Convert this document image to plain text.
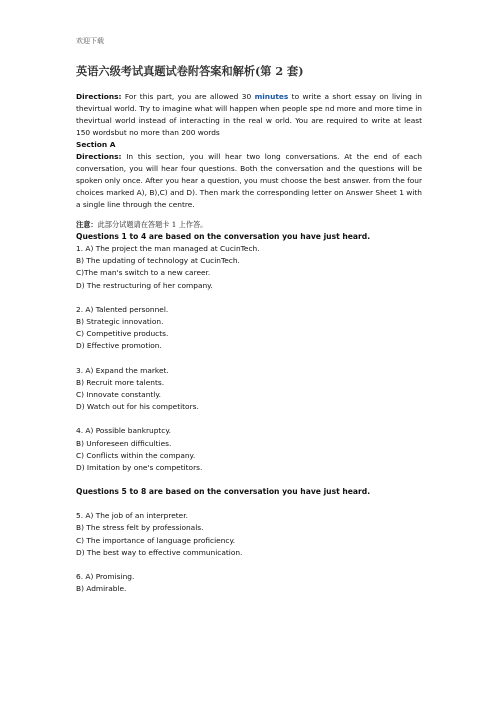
欢迎下载
英语六级考试真题试卷附答案和解析(第 2 套)

Directions: For this part, you are allowed 30 minutes to write a short essay on living in thevirtual world. Try to imagine what will happen when people spe nd more and more time in thevirtual world instead of interacting in the real w orld. You are required to write at least 150 wordsbut no more than 200 words

Section A

Directions: In this section, you will hear two long conversations. At the end of each conversation, you will hear four questions. Both the conversation and the questions will be spoken only once. After you hear a question, you must choose the best answer. from the four choices marked A), B),C) and D). Then mark the corresponding letter on Answer Sheet 1 with a single line through the centre.

注意：此部分试题请在答题卡 1 上作答。

Questions 1 to 4 are based on the conversation you have just heard.

1. A) The project the man managed at CucinTech.

B) The updating of technology at CucinTech.

C)The man's switch to a new career.

D) The restructuring of her company.

2. A) Talented personnel.

B) Strategic innovation.

C) Competitive products.

D) Effective promotion.

3. A) Expand the market.

B) Recruit more talents.

C) Innovate constantly.

D) Watch out for his competitors.

4. A) Possible bankruptcy.

B) Unforeseen difficulties.

C) Conflicts within the company.

D) Imitation by one's competitors.

Questions 5 to 8 are based on the conversation you have just heard.

5. A) The job of an interpreter.

B) The stress felt by professionals.

C) The importance of language proficiency.

D) The best way to effective communication.

6. A) Promising.

B) Admirable.
